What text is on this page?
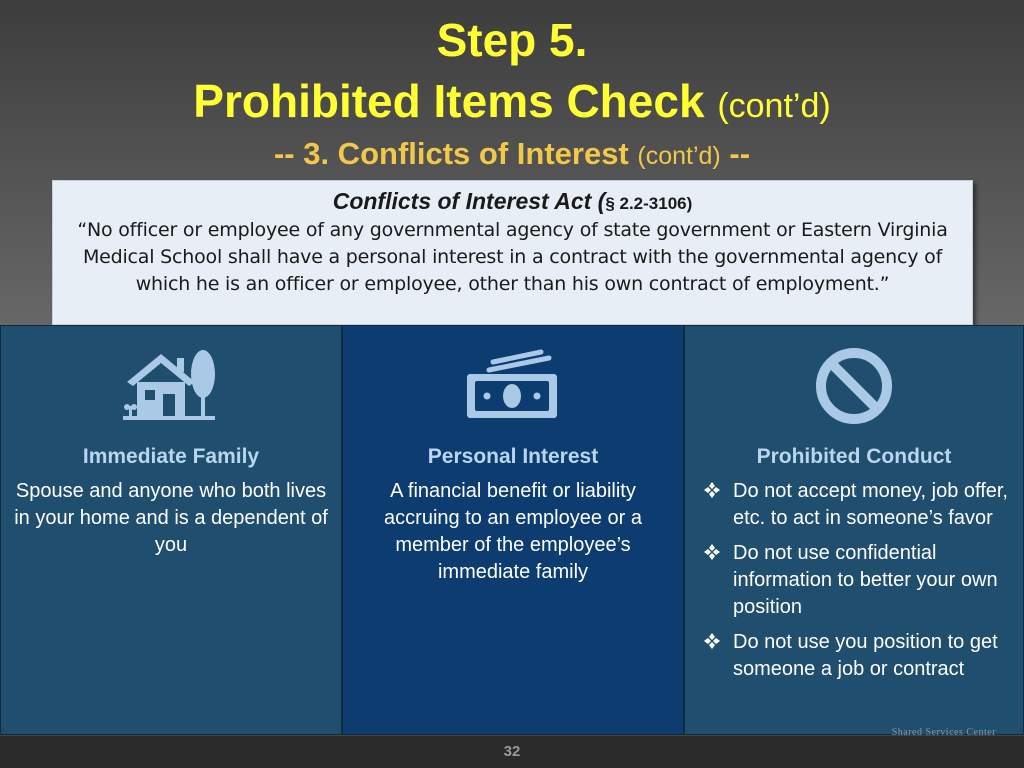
Step 5.
Prohibited Items Check (cont’d)
-- 3. Conflicts of Interest (cont’d) --
Conflicts of Interest Act (§ 2.2-3106)
“No officer or employee of any governmental agency of state government or Eastern Virginia Medical School shall have a personal interest in a contract with the governmental agency of which he is an officer or employee, other than his own contract of employment.”
Immediate Family
Spouse and anyone who both lives in your home and is a dependent of you
Personal Interest
A financial benefit or liability accruing to an employee or a member of the employee’s immediate family
Prohibited Conduct
Do not accept money, job offer, etc. to act in someone’s favor
Do not use confidential information to better your own position
Do not use you position to get someone a job or contract
32
Shared Services Center
